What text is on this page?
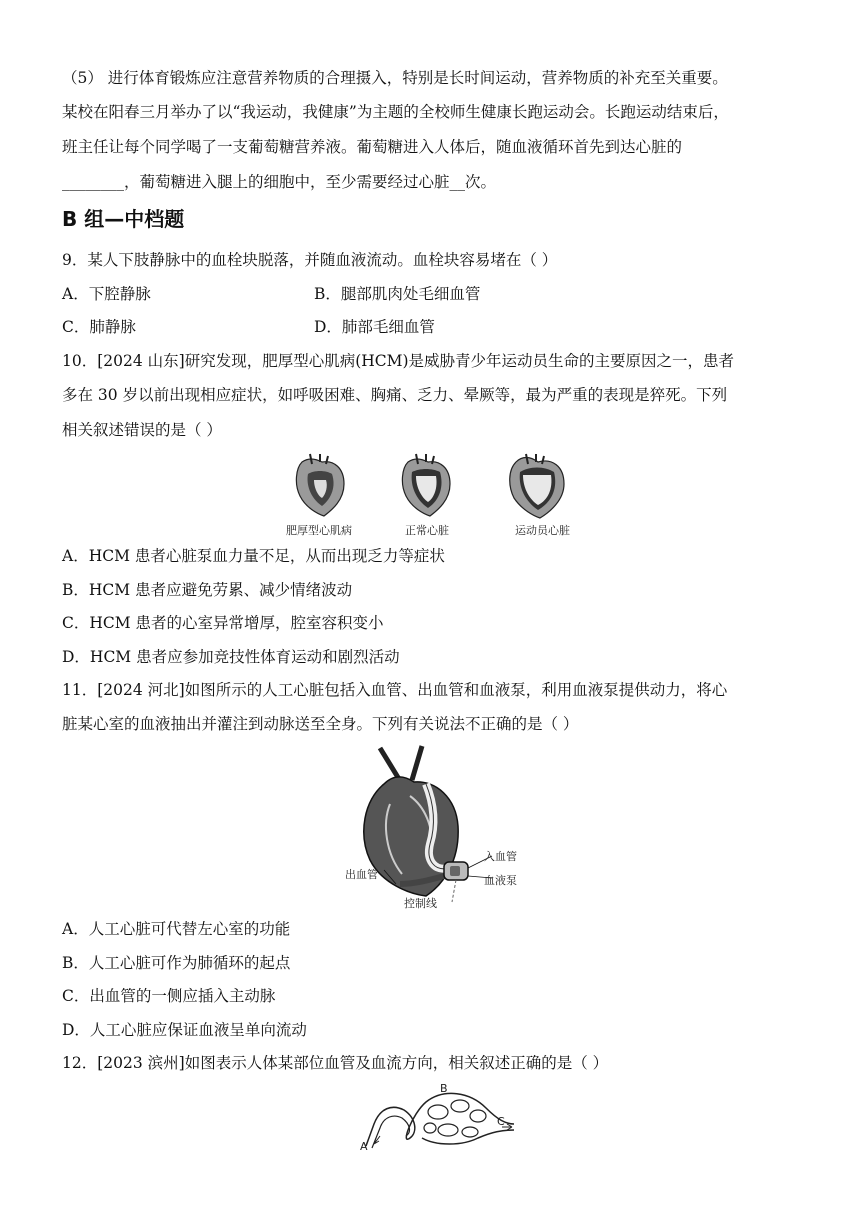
（5） 进行体育锻炼应注意营养物质的合理摄入，特别是长时间运动，营养物质的补充至关重要。
某校在阳春三月举办了以“我运动，我健康”为主题的全校师生健康长跑运动会。长跑运动结束后，
班主任让每个同学喝了一支葡萄糖营养液。葡萄糖进入人体后，随血液循环首先到达心脏的
________，葡萄糖进入腿上的细胞中，至少需要经过心脏__次。
B 组—中档题
9．某人下肢静脉中的血栓块脱落，并随血液流动。血栓块容易堵在（ ）
A．下腔静脉	B．腿部肌肉处毛细血管
C．肺静脉	D．肺部毛细血管
10．[2024 山东]研究发现，肥厚型心肌病(HCM)是威胁青少年运动员生命的主要原因之一，患者
多在 30 岁以前出现相应症状，如呼吸困难、胸痛、乏力、晕厥等，最为严重的表现是猝死。下列
相关叙述错误的是（ ）
肥厚型心肌病	正常心脏	运动员心脏
A．HCM 患者心脏泵血力量不足，从而出现乏力等症状
B．HCM 患者应避免劳累、减少情绪波动
C．HCM 患者的心室异常增厚，腔室容积变小
D．HCM 患者应参加竞技性体育运动和剧烈活动
11．[2024 河北]如图所示的人工心脏包括入血管、出血管和血液泵，利用血液泵提供动力，将心
脏某心室的血液抽出并灌注到动脉送至全身。下列有关说法不正确的是（ ）
入血管
出血管	血液泵
控制线
A．人工心脏可代替左心室的功能
B．人工心脏可作为肺循环的起点
C．出血管的一侧应插入主动脉
D．人工心脏应保证血液呈单向流动
12．[2023 滨州]如图表示人体某部位血管及血流方向，相关叙述正确的是（ ）
B
A
C
